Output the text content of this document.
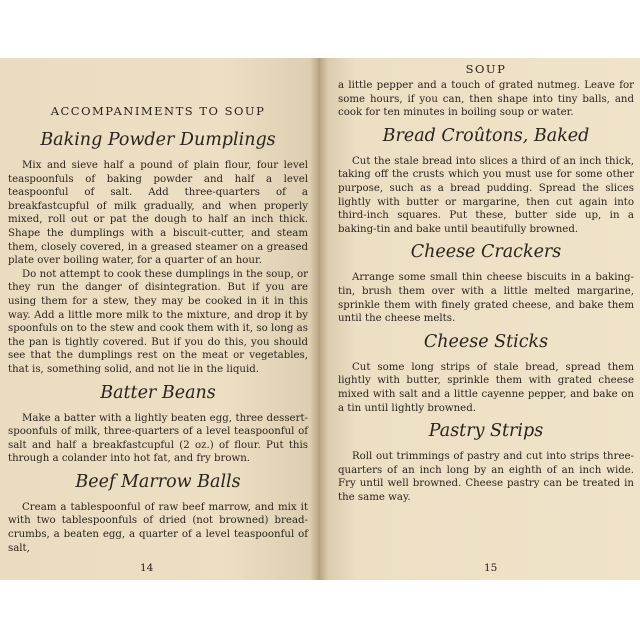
ACCOMPANIMENTS TO SOUP
Baking Powder Dumplings

Mix and sieve half a pound of plain flour, four level teaspoonfuls of baking powder and half a level teaspoonful of salt. Add three-quarters of a breakfastcupful of milk gradually, and when properly mixed, roll out or pat the dough to half an inch thick. Shape the dumplings with a biscuit-cutter, and steam them, closely covered, in a greased steamer on a greased plate over boiling water, for a quarter of an hour.

Do not attempt to cook these dumplings in the soup, or they run the danger of disintegration. But if you are using them for a stew, they may be cooked in it in this way. Add a little more milk to the mixture, and drop it by spoonfuls on to the stew and cook them with it, so long as the pan is tightly covered. But if you do this, you should see that the dumplings rest on the meat or vegetables, that is, something solid, and not lie in the liquid.

Batter Beans

Make a batter with a lightly beaten egg, three dessert-spoonfuls of milk, three-quarters of a level teaspoonful of salt and half a breakfastcupful (2 oz.) of flour. Put this through a colander into hot fat, and fry brown.

Beef Marrow Balls

Cream a tablespoonful of raw beef marrow, and mix it with two tablespoonfuls of dried (not browned) bread-crumbs, a beaten egg, a quarter of a level teaspoonful of salt,

14
SOUP

a little pepper and a touch of grated nutmeg. Leave for some hours, if you can, then shape into tiny balls, and cook for ten minutes in boiling soup or water.

Bread Croûtons, Baked

Cut the stale bread into slices a third of an inch thick, taking off the crusts which you must use for some other purpose, such as a bread pudding. Spread the slices lightly with butter or margarine, then cut again into third-inch squares. Put these, butter side up, in a baking-tin and bake until beautifully browned.

Cheese Crackers

Arrange some small thin cheese biscuits in a baking-tin, brush them over with a little melted margarine, sprinkle them with finely grated cheese, and bake them until the cheese melts.

Cheese Sticks

Cut some long strips of stale bread, spread them lightly with butter, sprinkle them with grated cheese mixed with salt and a little cayenne pepper, and bake on a tin until lightly browned.

Pastry Strips

Roll out trimmings of pastry and cut into strips three-quarters of an inch long by an eighth of an inch wide. Fry until well browned. Cheese pastry can be treated in the same way.

15
